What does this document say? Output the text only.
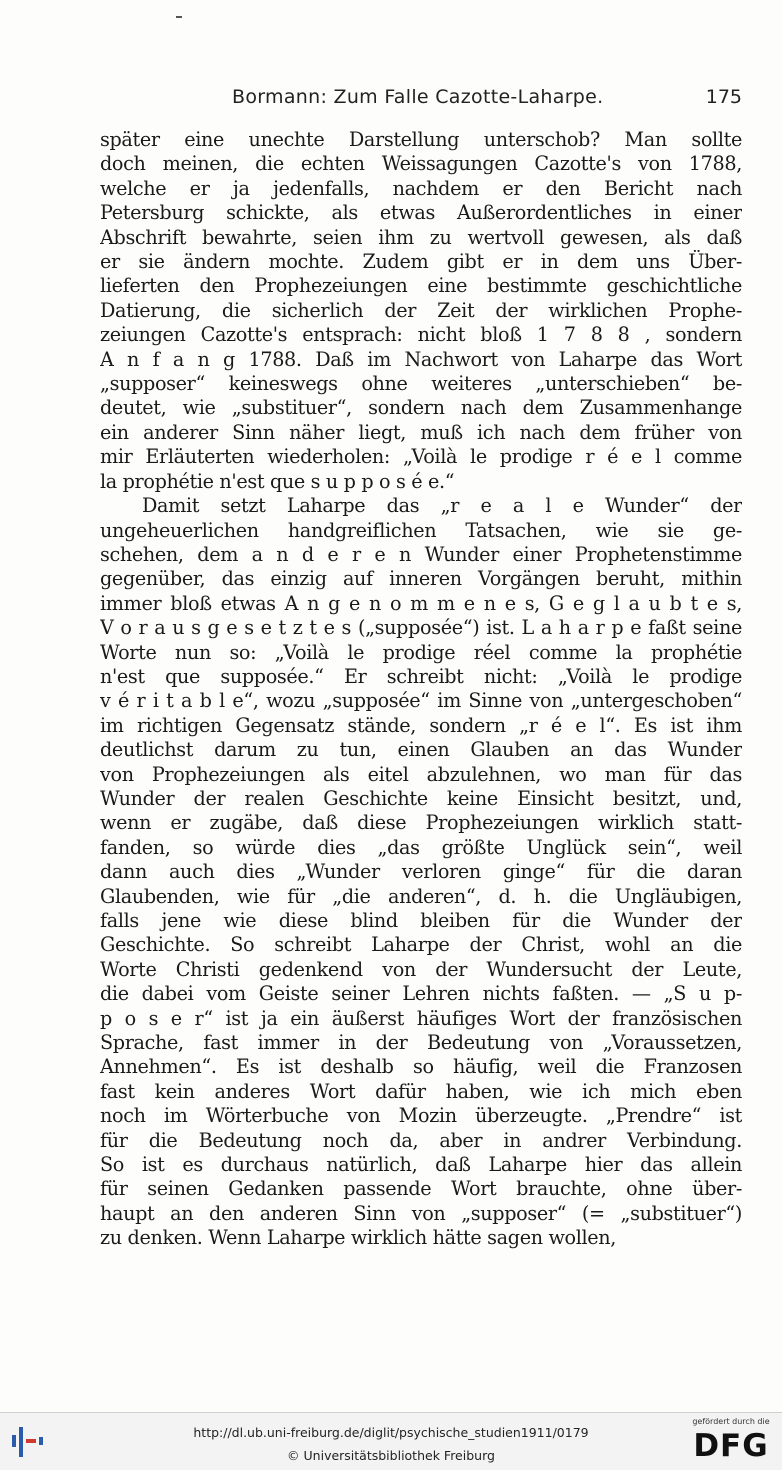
Bormann: Zum Falle Cazotte-Laharpe.	175
später eine unechte Darstellung unterschob? Man sollte
doch meinen, die echten Weissagungen Cazotte's von 1788,
welche er ja jedenfalls, nachdem er den Bericht nach
Petersburg schickte, als etwas Außerordentliches in einer
Abschrift bewahrte, seien ihm zu wertvoll gewesen, als daß
er sie ändern mochte. Zudem gibt er in dem uns Über-
lieferten den Prophezeiungen eine bestimmte geschichtliche
Datierung, die sicherlich der Zeit der wirklichen Prophe-
zeiungen Cazotte's entsprach: nicht bloß 1 7 8 8 , sondern
A n f a n g 1788. Daß im Nachwort von Laharpe das Wort
„supposer“ keineswegs ohne weiteres „unterschieben“ be-
deutet, wie „substituer“, sondern nach dem Zusammenhange
ein anderer Sinn näher liegt, muß ich nach dem früher von
mir Erläuterten wiederholen: „Voilà le prodige r é e l comme
la prophétie n'est que s u p p o s é e.“
Damit setzt Laharpe das „r e a l e Wunder“ der
ungeheuerlichen handgreiflichen Tatsachen, wie sie ge-
schehen, dem a n d e r e n Wunder einer Prophetenstimme
gegenüber, das einzig auf inneren Vorgängen beruht, mithin
immer bloß etwas A n g e n o m m e n e s, G e g l a u b t e s,
V o r a u s g e s e t z t e s („supposée“) ist. L a h a r p e faßt seine
Worte nun so: „Voilà le prodige réel comme la prophétie
n'est que supposée.“ Er schreibt nicht: „Voilà le prodige
v é r i t a b l e“, wozu „supposée“ im Sinne von „untergeschoben“
im richtigen Gegensatz stände, sondern „r é e l“. Es ist ihm
deutlichst darum zu tun, einen Glauben an das Wunder
von Prophezeiungen als eitel abzulehnen, wo man für das
Wunder der realen Geschichte keine Einsicht besitzt, und,
wenn er zugäbe, daß diese Prophezeiungen wirklich statt-
fanden, so würde dies „das größte Unglück sein“, weil
dann auch dies „Wunder verloren ginge“ für die daran
Glaubenden, wie für „die anderen“, d. h. die Ungläubigen,
falls jene wie diese blind bleiben für die Wunder der
Geschichte. So schreibt Laharpe der Christ, wohl an die
Worte Christi gedenkend von der Wundersucht der Leute,
die dabei vom Geiste seiner Lehren nichts faßten. — „S u p-
p o s e r“ ist ja ein äußerst häufiges Wort der französischen
Sprache, fast immer in der Bedeutung von „Voraussetzen,
Annehmen“. Es ist deshalb so häufig, weil die Franzosen
fast kein anderes Wort dafür haben, wie ich mich eben
noch im Wörterbuche von Mozin überzeugte. „Prendre“ ist
für die Bedeutung noch da, aber in andrer Verbindung.
So ist es durchaus natürlich, daß Laharpe hier das allein
für seinen Gedanken passende Wort brauchte, ohne über-
haupt an den anderen Sinn von „supposer“ (= „substituer“)
zu denken. Wenn Laharpe wirklich hätte sagen wollen,
http://dl.ub.uni-freiburg.de/diglit/psychische_studien1911/0179
© Universitätsbibliothek Freiburg
gefördert durch die
DFG
